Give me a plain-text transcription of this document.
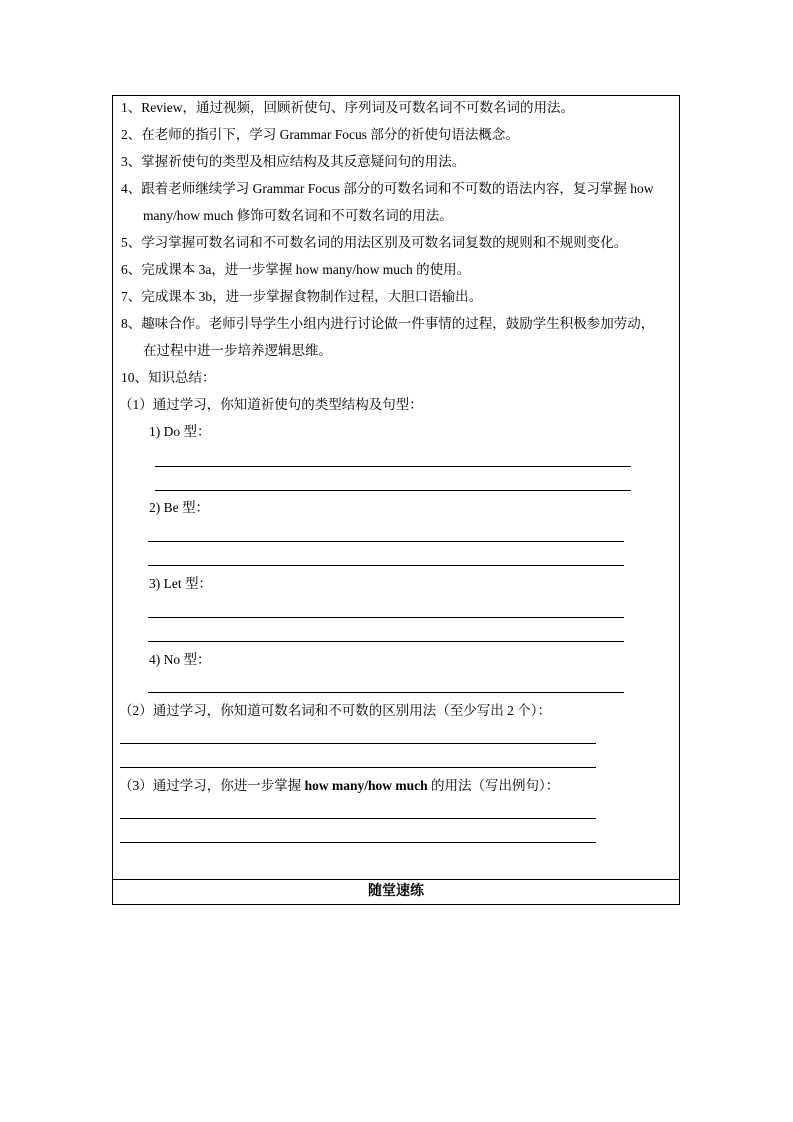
1、Review，通过视频，回顾祈使句、序列词及可数名词不可数名词的用法。
2、在老师的指引下，学习 Grammar Focus 部分的祈使句语法概念。
3、掌握祈使句的类型及相应结构及其反意疑问句的用法。
4、跟着老师继续学习 Grammar Focus 部分的可数名词和不可数的语法内容，复习掌握 how
many/how much 修饰可数名词和不可数名词的用法。
5、学习掌握可数名词和不可数名词的用法区别及可数名词复数的规则和不规则变化。
6、完成课本 3a，进一步掌握 how many/how much 的使用。
7、完成课本 3b，进一步掌握食物制作过程，大胆口语输出。
8、趣味合作。老师引导学生小组内进行讨论做一件事情的过程，鼓励学生积极参加劳动，
在过程中进一步培养逻辑思维。
10、知识总结：
（1）通过学习，你知道祈使句的类型结构及句型：
1) Do 型：
2) Be 型：
3) Let 型：
4) No 型：
（2）通过学习，你知道可数名词和不可数的区别用法（至少写出 2 个）：
（3）通过学习，你进一步掌握 how many/how much 的用法（写出例句）：
随堂速练
